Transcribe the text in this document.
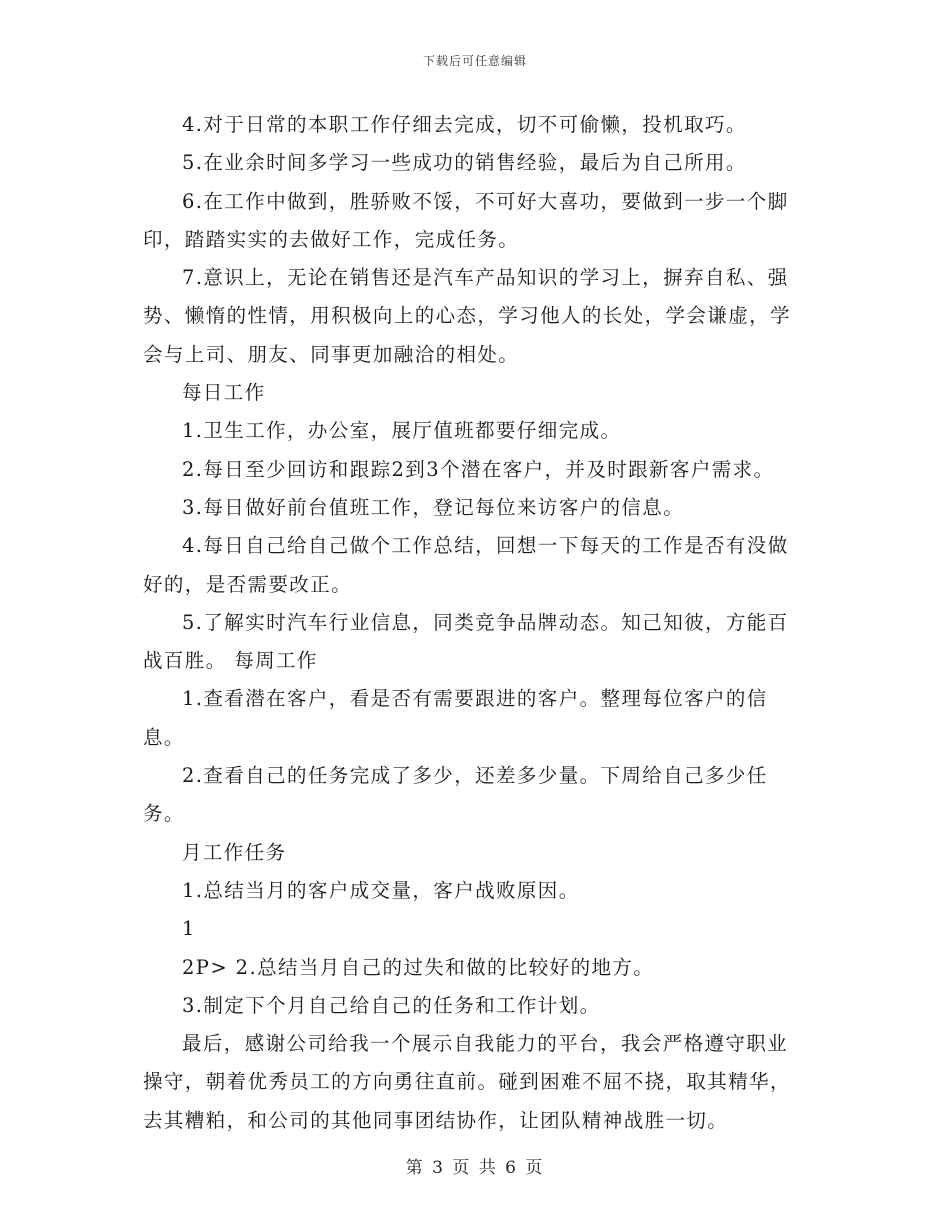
下载后可任意编辑

4.对于日常的本职工作仔细去完成，切不可偷懒，投机取巧。

5.在业余时间多学习一些成功的销售经验，最后为自己所用。

6.在工作中做到，胜骄败不馁，不可好大喜功，要做到一步一个脚印，踏踏实实的去做好工作，完成任务。

7.意识上，无论在销售还是汽车产品知识的学习上，摒弃自私、强势、懒惰的性情，用积极向上的心态，学习他人的长处，学会谦虚，学会与上司、朋友、同事更加融洽的相处。

每日工作

1.卫生工作，办公室，展厅值班都要仔细完成。

2.每日至少回访和跟踪2到3个潜在客户，并及时跟新客户需求。

3.每日做好前台值班工作，登记每位来访客户的信息。

4.每日自己给自己做个工作总结，回想一下每天的工作是否有没做好的，是否需要改正。

5.了解实时汽车行业信息，同类竞争品牌动态。知己知彼，方能百战百胜。 每周工作

1.查看潜在客户，看是否有需要跟进的客户。整理每位客户的信息。

2.查看自己的任务完成了多少，还差多少量。下周给自己多少任务。

月工作任务

1.总结当月的客户成交量，客户战败原因。

1

2P> 2.总结当月自己的过失和做的比较好的地方。

3.制定下个月自己给自己的任务和工作计划。

最后，感谢公司给我一个展示自我能力的平台，我会严格遵守职业操守，朝着优秀员工的方向勇往直前。碰到困难不屈不挠，取其精华，去其糟粕，和公司的其他同事团结协作，让团队精神战胜一切。

第 3 页 共 6 页
